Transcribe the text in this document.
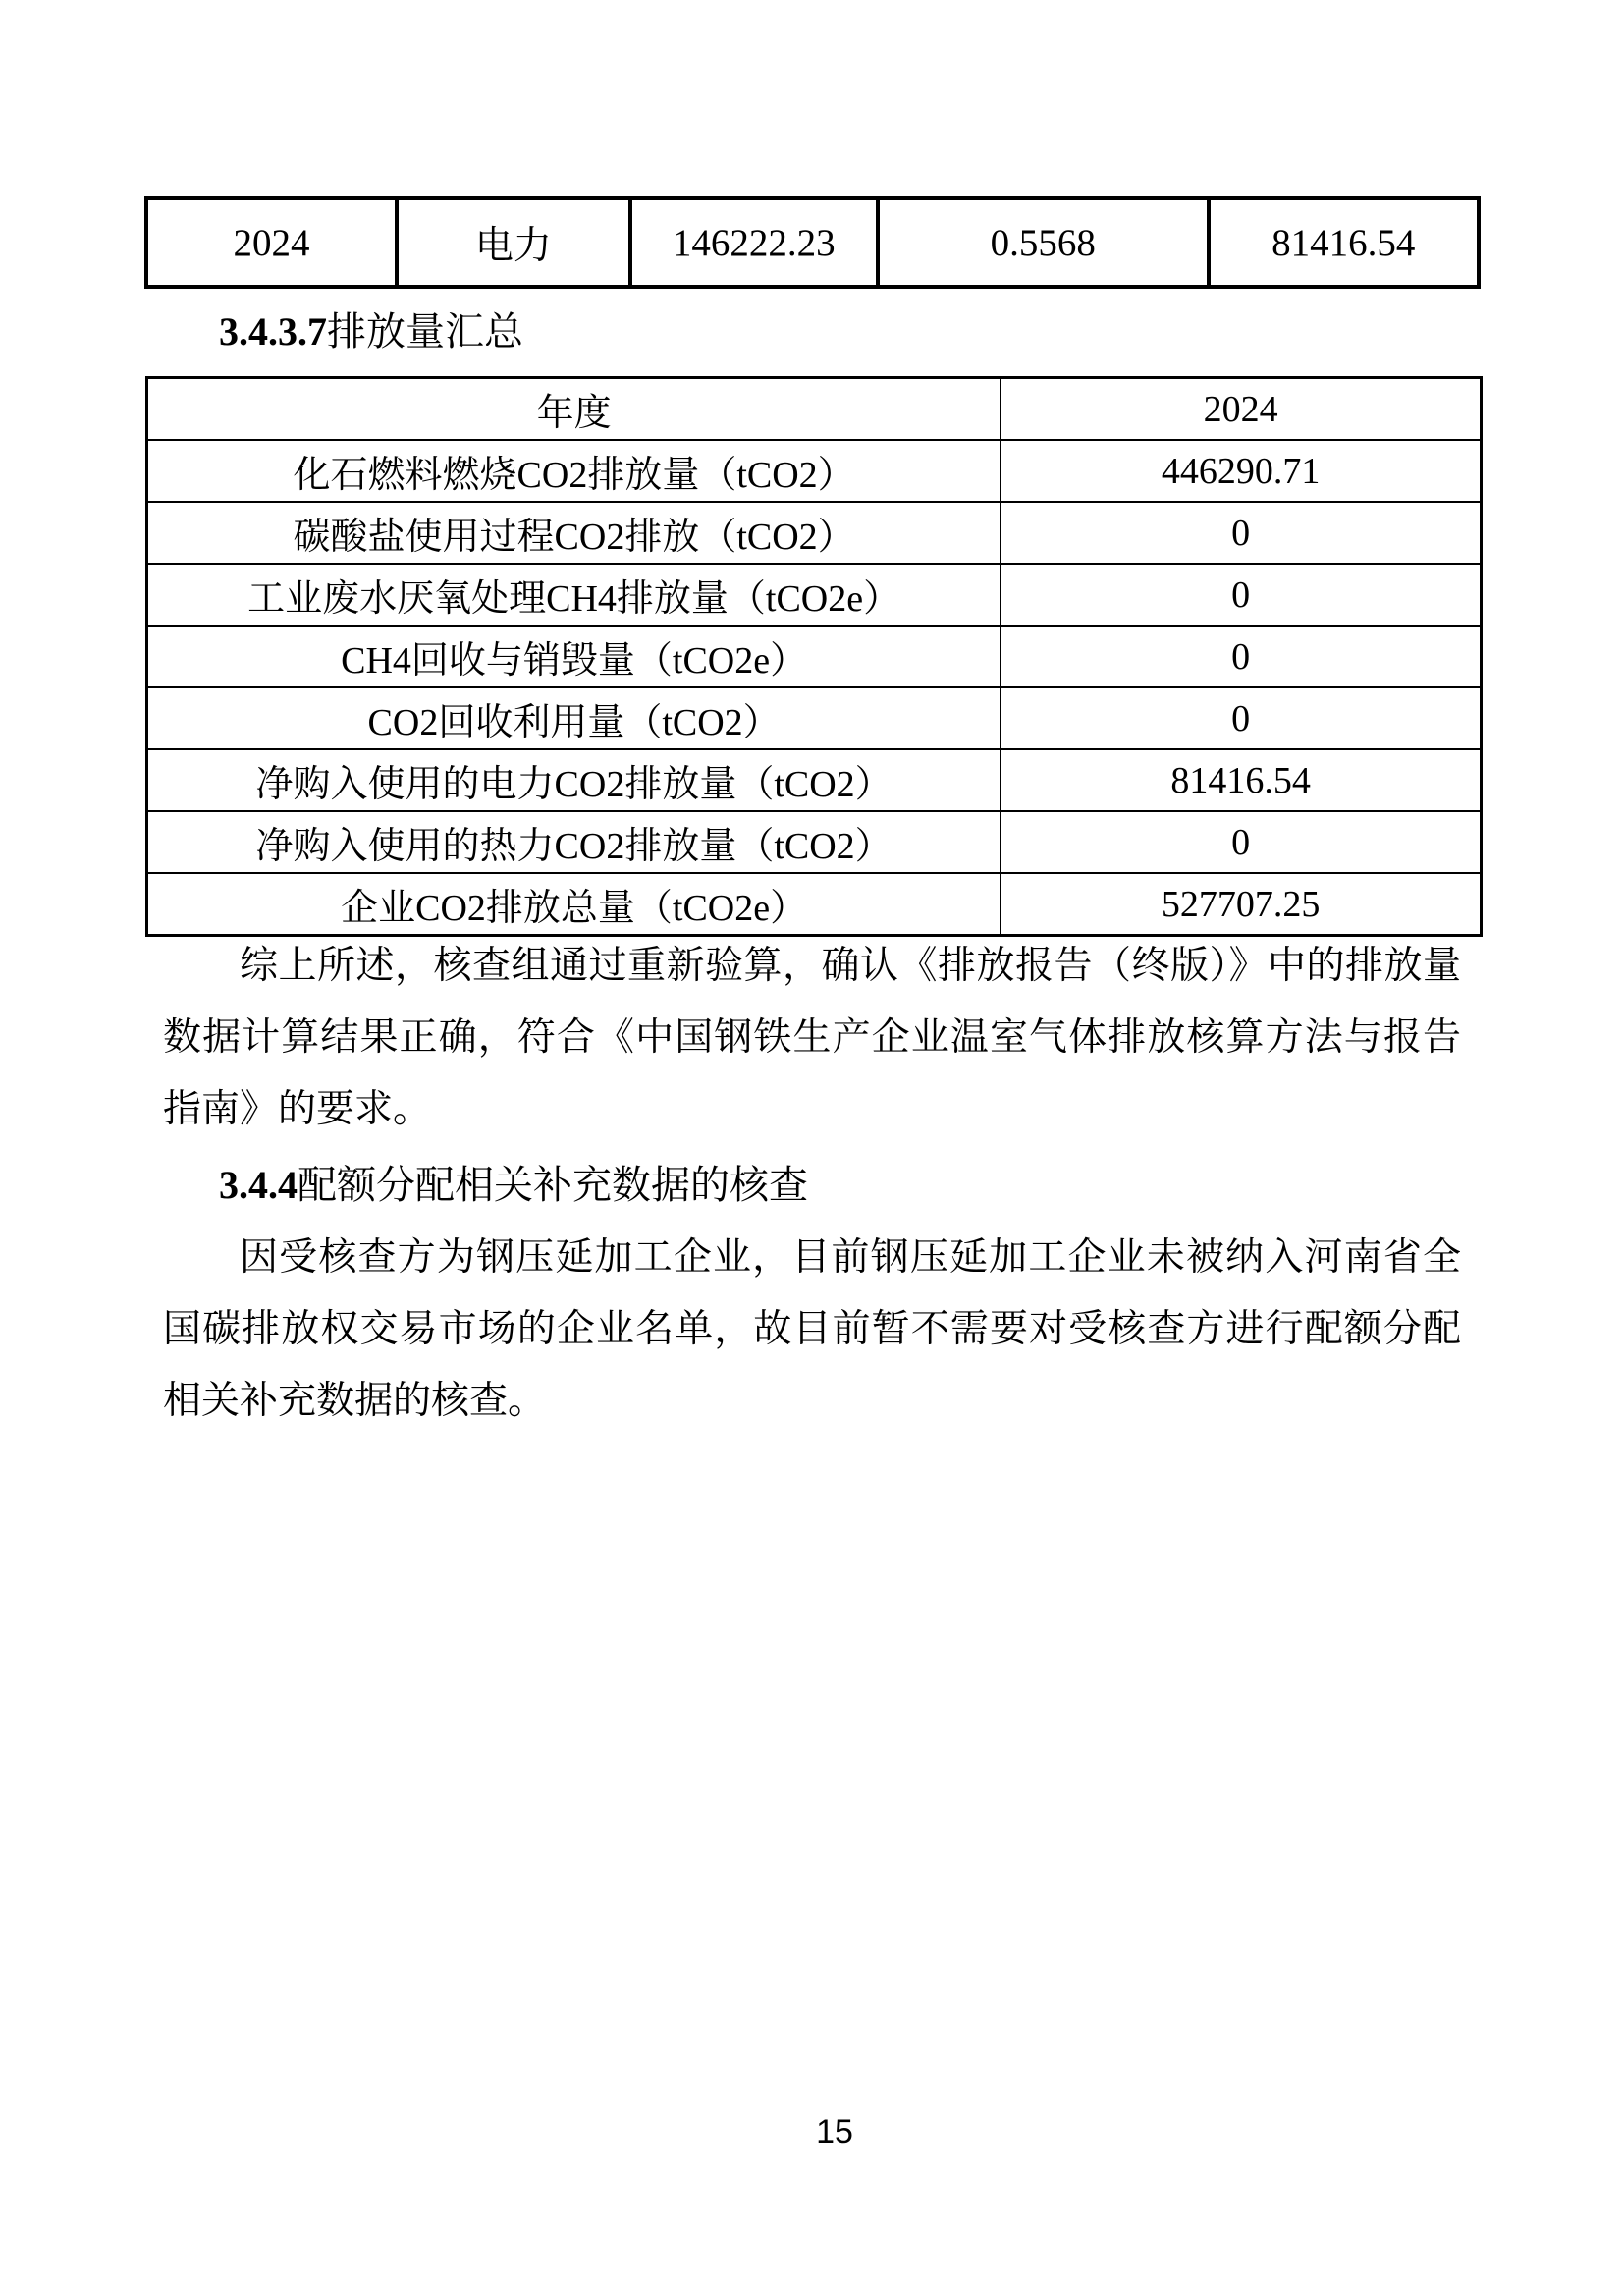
2024	电力	146222.23	0.5568	81416.54
3.4.3.7排放量汇总
年度	2024
化石燃料燃烧CO2排放量（tCO2）	446290.71
碳酸盐使用过程CO2排放（tCO2）	0
工业废水厌氧处理CH4排放量（tCO2e）	0
CH4回收与销毁量（tCO2e）	0
CO2回收利用量（tCO2）	0
净购入使用的电力CO2排放量（tCO2）	81416.54
净购入使用的热力CO2排放量（tCO2）	0
企业CO2排放总量（tCO2e）	527707.25

综上所述，核查组通过重新验算，确认《排放报告（终版）》中的排放量数据计算结果正确，符合《中国钢铁生产企业温室气体排放核算方法与报告指南》的要求。

3.4.4配额分配相关补充数据的核查

因受核查方为钢压延加工企业，目前钢压延加工企业未被纳入河南省全国碳排放权交易市场的企业名单，故目前暂不需要对受核查方进行配额分配相关补充数据的核查。

15
